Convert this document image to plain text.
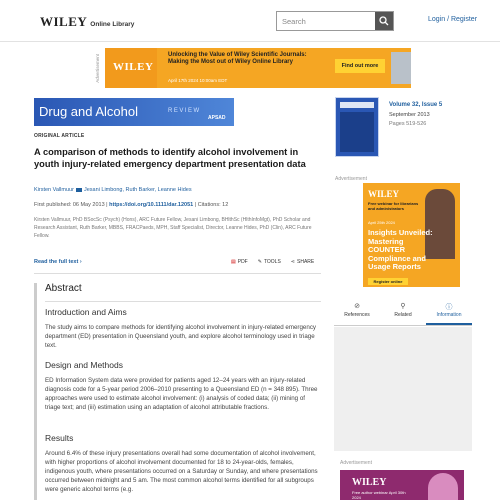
WILEY Online Library	Search	Login / Register
Advertisement WILEY
Unlocking the Value of Wiley Scientific Journals: Making the Most out of Wiley Online Library
April 17th 2024 10:00am EDT
Find out more
Drug and Alcohol	REVIEW
APSAD
ORIGINAL ARTICLE
A comparison of methods to identify alcohol involvement in youth injury-related emergency department presentation data
Kirsten Vallmuur Jesani Limbong, Ruth Barker, Leanne Hides
First published: 06 May 2013 | https://doi.org/10.1111/dar.12051 | Citations: 12
Kirsten Vallmuur, PhD BSocSc (Psych) (Hons), ARC Future Fellow, Jesani Limbong, BHlthSc (HlthInfoMgt), PhD Scholar and Research Assistant, Ruth Barker, MBBS, FRACPaeds, MPH, Staff Specialist, Director, Leanne Hides, PhD (Clin), ARC Future Fellow.
Read the full text ›	▤ PDF ✎ TOOLS ⋖ SHARE
Abstract
Introduction and Aims

The study aims to compare methods for identifying alcohol involvement in injury-related emergency department (ED) presentation in Queensland youth, and explore alcohol terminology used in triage text.

Design and Methods

ED Information System data were provided for patients aged 12–24 years with an injury-related diagnosis code for a 5-year period 2006–2010 presenting to a Queensland ED (n = 348 895). Three approaches were used to estimate alcohol involvement: (i) analysis of coded data; (ii) mining of triage text; and (iii) estimation using an adaptation of alcohol attributable fractions.

Results

Around 6.4% of these injury presentations overall had some documentation of alcohol involvement, with higher proportions of alcohol involvement documented for 18 to 24-year-olds, females, indigenous youth, where presentations occurred on a Saturday or Sunday, and where presentations occurred between midnight and 5 am. The most common alcohol terms identified for all subgroups were generic alcohol terms (e.g.

Volume 32, Issue 5
September 2013
Pages 519-526
Advertisement
WILEY
Free webinar for librarians and administrators
April 25th 2024
Insights Unveiled: Mastering COUNTER Compliance and Usage Reports
Register online
⊘
References
⚲
Related
ⓘ
Information
Advertisement
WILEY
Free author webinar April 30th 2024
